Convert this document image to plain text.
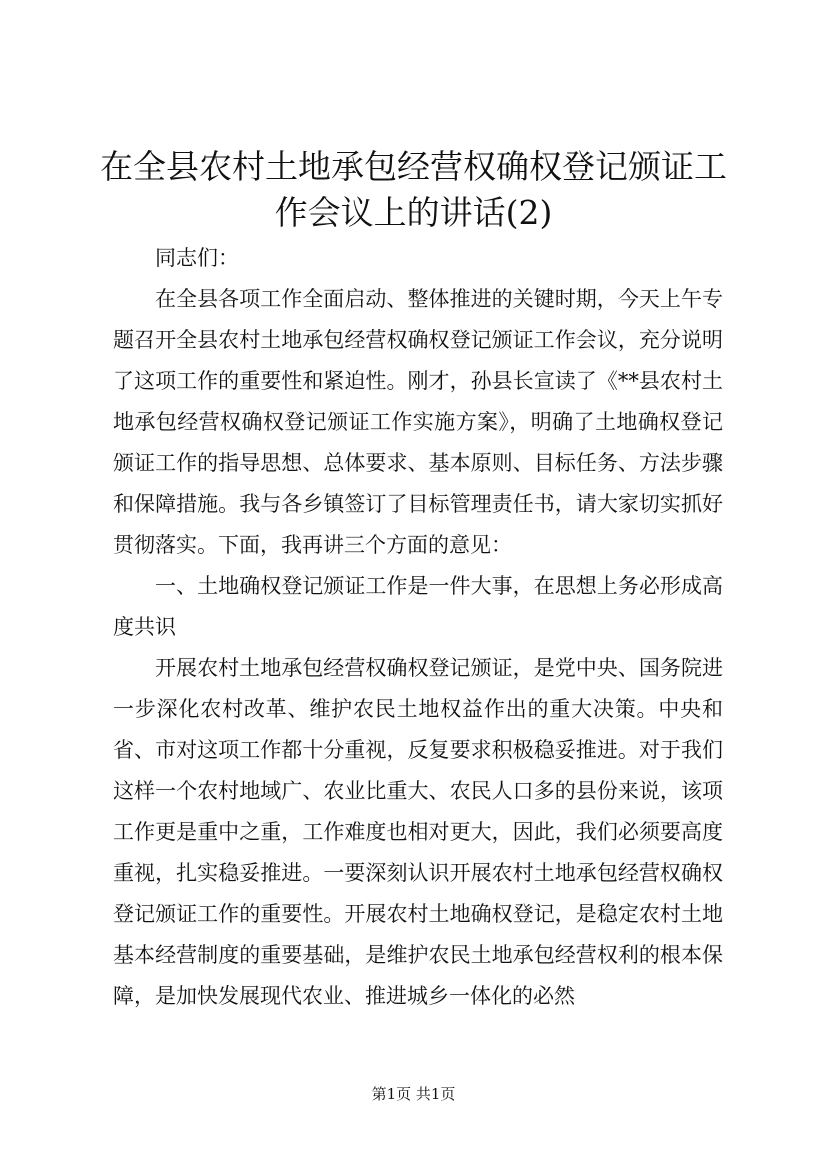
在全县农村土地承包经营权确权登记颁证工作会议上的讲话(2)

同志们：

在全县各项工作全面启动、整体推进的关键时期，今天上午专题召开全县农村土地承包经营权确权登记颁证工作会议，充分说明了这项工作的重要性和紧迫性。刚才，孙县长宣读了《**县农村土地承包经营权确权登记颁证工作实施方案》，明确了土地确权登记颁证工作的指导思想、总体要求、基本原则、目标任务、方法步骤和保障措施。我与各乡镇签订了目标管理责任书，请大家切实抓好贯彻落实。下面，我再讲三个方面的意见：

一、土地确权登记颁证工作是一件大事，在思想上务必形成高度共识

开展农村土地承包经营权确权登记颁证，是党中央、国务院进一步深化农村改革、维护农民土地权益作出的重大决策。中央和省、市对这项工作都十分重视，反复要求积极稳妥推进。对于我们这样一个农村地域广、农业比重大、农民人口多的县份来说，该项工作更是重中之重，工作难度也相对更大，因此，我们必须要高度重视，扎实稳妥推进。一要深刻认识开展农村土地承包经营权确权登记颁证工作的重要性。开展农村土地确权登记，是稳定农村土地基本经营制度的重要基础，是维护农民土地承包经营权利的根本保障，是加快发展现代农业、推进城乡一体化的必然

第1页 共1页
